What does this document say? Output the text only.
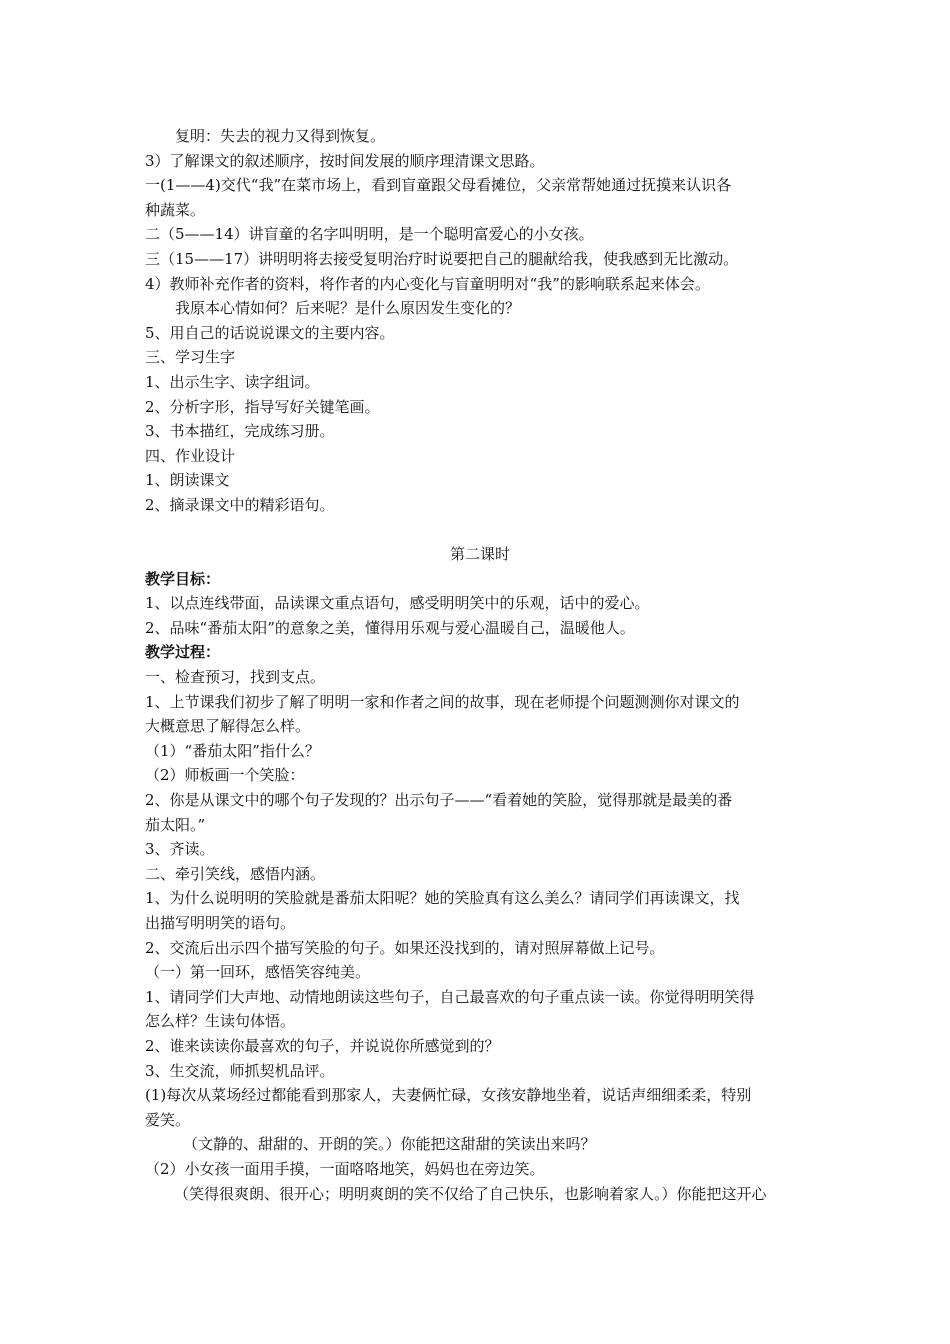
复明：失去的视力又得到恢复。
3）了解课文的叙述顺序，按时间发展的顺序理清课文思路。
一(1——4)交代“我”在菜市场上，看到盲童跟父母看摊位，父亲常帮她通过抚摸来认识各
种蔬菜。
二（5——14）讲盲童的名字叫明明，是一个聪明富爱心的小女孩。
三（15——17）讲明明将去接受复明治疗时说要把自己的腿献给我，使我感到无比激动。
4）教师补充作者的资料，将作者的内心变化与盲童明明对“我”的影响联系起来体会。
我原本心情如何？后来呢？是什么原因发生变化的？
5、用自己的话说说课文的主要内容。
三、学习生字
1、出示生字、读字组词。
2、分析字形，指导写好关键笔画。
3、书本描红，完成练习册。
四、作业设计
1、朗读课文
2、摘录课文中的精彩语句。
第二课时
教学目标：
1、以点连线带面，品读课文重点语句，感受明明笑中的乐观，话中的爱心。
2、品味“番茄太阳”的意象之美，懂得用乐观与爱心温暖自己，温暖他人。
教学过程：
一、检查预习，找到支点。
1、上节课我们初步了解了明明一家和作者之间的故事，现在老师提个问题测测你对课文的
大概意思了解得怎么样。
（1）“番茄太阳”指什么？
（2）师板画一个笑脸：
2、你是从课文中的哪个句子发现的？出示句子——“看着她的笑脸，觉得那就是最美的番
茄太阳。”
3、齐读。
二、牵引笑线，感悟内涵。
1、为什么说明明的笑脸就是番茄太阳呢？她的笑脸真有这么美么？请同学们再读课文，找
出描写明明笑的语句。
2、交流后出示四个描写笑脸的句子。如果还没找到的，请对照屏幕做上记号。
（一）第一回环，感悟笑容纯美。
1、请同学们大声地、动情地朗读这些句子，自己最喜欢的句子重点读一读。你觉得明明笑得
怎么样？生读句体悟。
2、谁来读读你最喜欢的句子，并说说你所感觉到的？
3、生交流，师抓契机品评。
(1)每次从菜场经过都能看到那家人，夫妻俩忙碌，女孩安静地坐着，说话声细细柔柔，特别
爱笑。
（文静的、甜甜的、开朗的笑。）你能把这甜甜的笑读出来吗？
（2）小女孩一面用手摸，一面咯咯地笑，妈妈也在旁边笑。
（笑得很爽朗、很开心；明明爽朗的笑不仅给了自己快乐，也影响着家人。）你能把这开心
